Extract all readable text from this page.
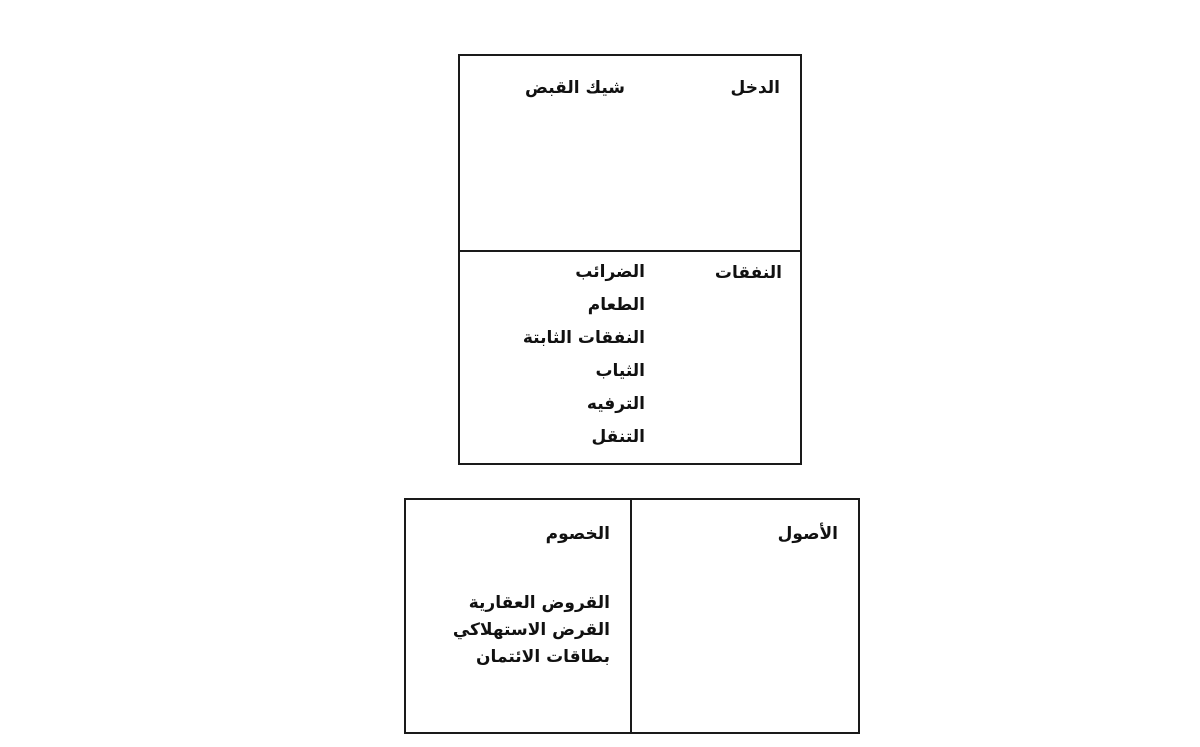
الدخل
شيك القبض
النفقات
الضرائب
الطعام
النفقات الثابتة
الثياب
الترفيه
التنقل
الأصول
الخصوم
القروض العقارية
القرض الاستهلاكي
بطاقات الائتمان
